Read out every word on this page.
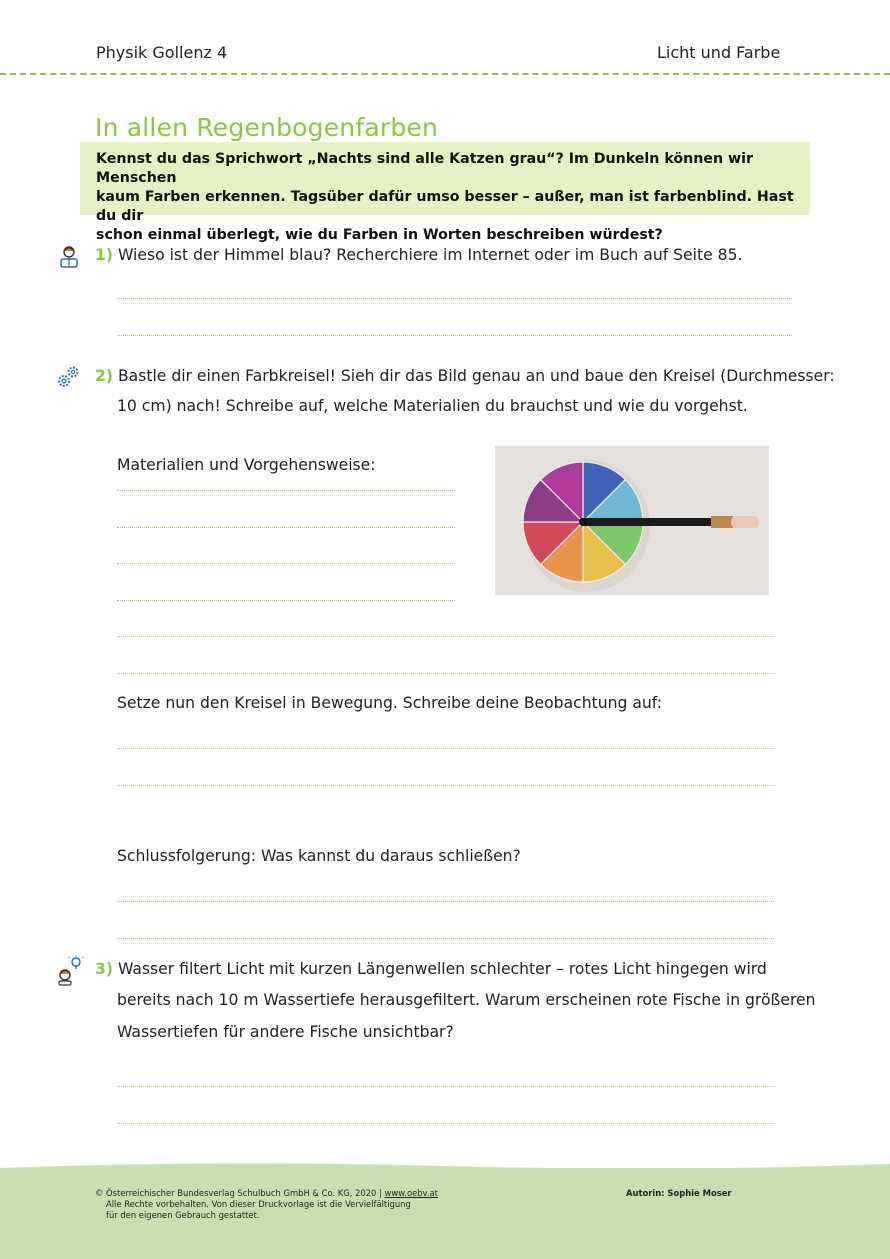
Physik Gollenz 4	Licht und Farbe
In allen Regenbogenfarben
Kennst du das Sprichwort „Nachts sind alle Katzen grau“? Im Dunkeln können wir Menschen
kaum Farben erkennen. Tagsüber dafür umso besser – außer, man ist farbenblind. Hast du dir
schon einmal überlegt, wie du Farben in Worten beschreiben würdest?
1) Wieso ist der Himmel blau? Recherchiere im Internet oder im Buch auf Seite 85.
2) Bastle dir einen Farbkreisel! Sieh dir das Bild genau an und baue den Kreisel (Durchmesser:
10 cm) nach! Schreibe auf, welche Materialien du brauchst und wie du vorgehst.
Materialien und Vorgehensweise:
Setze nun den Kreisel in Bewegung. Schreibe deine Beobachtung auf:
Schlussfolgerung: Was kannst du daraus schließen?
3) Wasser filtert Licht mit kurzen Längenwellen schlechter – rotes Licht hingegen wird
bereits nach 10 m Wassertiefe herausgefiltert. Warum erscheinen rote Fische in größeren
Wassertiefen für andere Fische unsichtbar?
© Österreichischer Bundesverlag Schulbuch GmbH & Co. KG, 2020 | www.oebv.at
Alle Rechte vorbehalten. Von dieser Druckvorlage ist die Vervielfältigung
für den eigenen Gebrauch gestattet.
Autorin: Sophie Moser
